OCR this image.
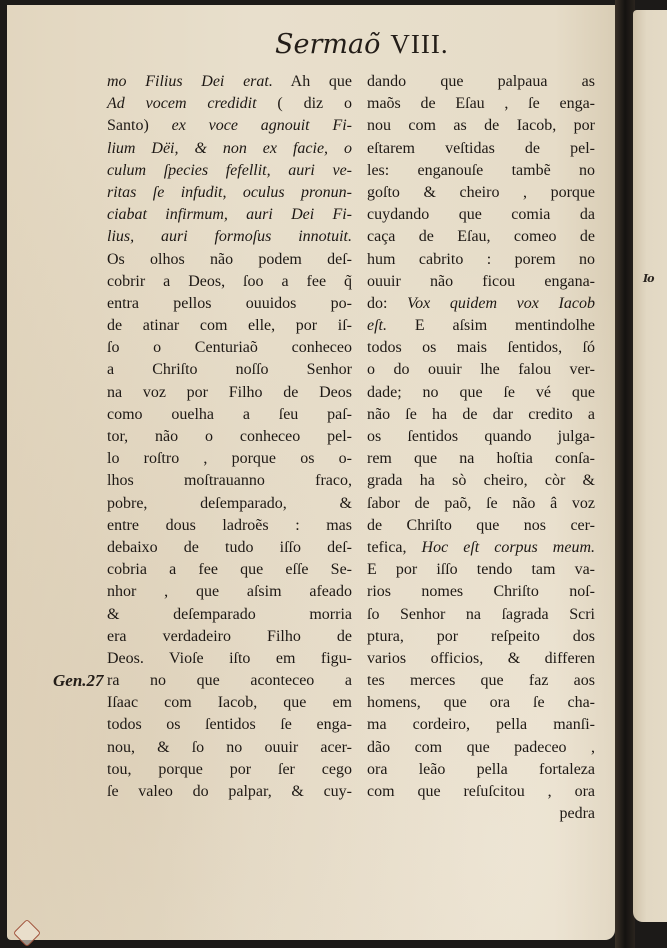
Sermaõ VIII.
Gen.27
mo Filius Dei erat. Ah que
Ad vocem credidit ( diz o
Santo) ex voce agnouit Fi-
lium Dëi, & non ex facie, o
culum ſpecies fefellit, auri ve-
ritas ſe infudit, oculus pronun-
ciabat infirmum, auri Dei Fi-
lius, auri formoſus innotuit.
Os olhos não podem deſ-
cobrir a Deos, ſoo a fee q̃
entra pellos ouuidos po-
de atinar com elle, por iſ-
ſo o Centuriaõ conheceo
a Chriſto noſſo Senhor
na voz por Filho de Deos
como ouelha a ſeu paſ-
tor, não o conheceo pel-
lo roſtro , porque os o-
lhos moſtrauanno fraco,
pobre, deſemparado, &
entre dous ladroẽs : mas
debaixo de tudo iſſo deſ-
cobria a fee que eſſe Se-
nhor , que aſsim afeado
& deſemparado morria
era verdadeiro Filho de
Deos. Vioſe iſto em figu-
ra no que aconteceo a
Iſaac com Iacob, que em
todos os ſentidos ſe enga-
nou, & ſo no ouuir acer-
tou, porque por ſer cego
ſe valeo do palpar, & cuy-
dando que palpaua as
maõs de Eſau , ſe enga-
nou com as de Iacob, por
eſtarem veſtidas de pel-
les: enganouſe tambẽ no
goſto & cheiro , porque
cuydando que comia da
caça de Eſau, comeo de
hum cabrito : porem no
ouuir não ficou engana-
do: Vox quidem vox Iacob
eſt. E aſsim mentindolhe
todos os mais ſentidos, ſó
o do ouuir lhe falou ver-
dade; no que ſe vé que
não ſe ha de dar credito a
os ſentidos quando julga-
rem que na hoſtia conſa-
grada ha sò cheiro, còr &
ſabor de paõ, ſe não â voz
de Chriſto que nos cer-
tefica, Hoc eſt corpus meum.
E por iſſo tendo tam va-
rios nomes Chriſto noſ-
ſo Senhor na ſagrada Scri
ptura, por reſpeito dos
varios officios, & differen
tes merces que faz aos
homens, que ora ſe cha-
ma cordeiro, pella manſi-
dão com que padeceo ,
ora leão pella fortaleza
com que reſuſcitou , ora
pedra
Io
